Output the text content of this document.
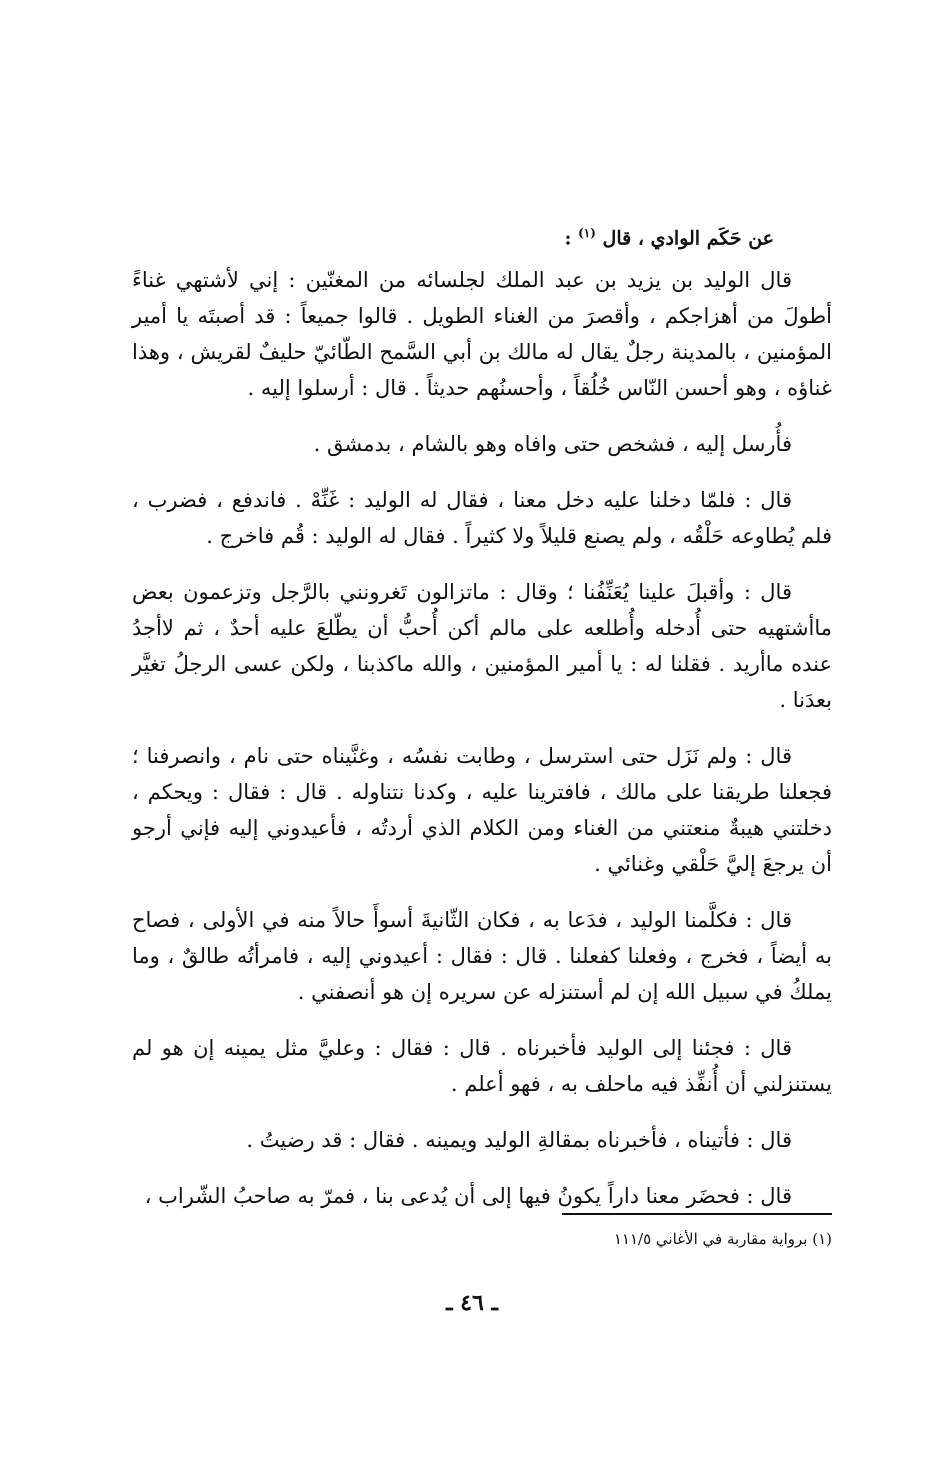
عن حَكَم الوادي ، قال $^{(١)}$ :

قال الوليد بن يزيد بن عبد الملك لجلسائه من المغنّين : إني لأشتهي غناءً أطولَ من أهزاجكم ، وأقصرَ من الغناء الطويل . قالوا جميعاً : قد أصبتَه يا أمير المؤمنين ، بالمدينة رجلٌ يقال له مالك بن أبي السَّمح الطّائيّ حليفٌ لقريش ، وهذا غناؤه ، وهو أحسن النّاس خُلُقاً ، وأحسنُهم حديثاً . قال : أرسلوا إليه .

فأُرسل إليه ، فشخص حتى وافاه وهو بالشام ، بدمشق .

قال : فلمّا دخلنا عليه دخل معنا ، فقال له الوليد : غَنِّهْ . فاندفع ، فضرب ، فلم يُطاوعه حَلْقُه ، ولم يصنع قليلاً ولا كثيراً . فقال له الوليد : قُم فاخرج .

قال : وأقبلَ علينا يُعَنِّفُنا ؛ وقال : ماتزالون تَغرونني بالرَّجل وتزعمون بعض ماأشتهيه حتى أُدخله وأُطلعه على مالم أكن أُحبُّ أن يطّلعَ عليه أحدٌ ، ثم لاأجدُ عنده ماأريد . فقلنا له : يا أمير المؤمنين ، والله ماكذبنا ، ولكن عسى الرجلُ تغيَّر بعدَنا .

قال : ولم نَزَل حتى استرسل ، وطابت نفسُه ، وغنَّيناه حتى نام ، وانصرفنا ؛ فجعلنا طريقنا على مالك ، فافترينا عليه ، وكدنا نتناوله . قال : فقال : ويحكم ، دخلتني هيبةٌ منعتني من الغناء ومن الكلام الذي أردتُه ، فأعيدوني إليه فإني أرجو أن يرجعَ إليَّ حَلْقي وغنائي .

قال : فكلَّمنا الوليد ، فدَعا به ، فكان الثّانيةَ أسوأَ حالاً منه في الأولى ، فصاح به أيضاً ، فخرج ، وفعلنا كفعلنا . قال : فقال : أعيدوني إليه ، فامرأتُه طالقٌ ، وما يملكُ في سبيل الله إن لم أستنزله عن سريره إن هو أنصفني .

قال : فجئنا إلى الوليد فأخبرناه . قال : فقال : وعليَّ مثل يمينه إن هو لم يستنزلني أن أُنفِّذ فيه ماحلف به ، فهو أعلم .

قال : فأتيناه ، فأخبرناه بمقالةِ الوليد ويمينه . فقال : قد رضيتُ .

قال : فحضَر معنا داراً يكونُ فيها إلى أن يُدعى بنا ، فمرّ به صاحبُ الشّراب ،

(١) برواية مقاربة في الأغاني ١١١/٥
ـ ٤٦ ـ
